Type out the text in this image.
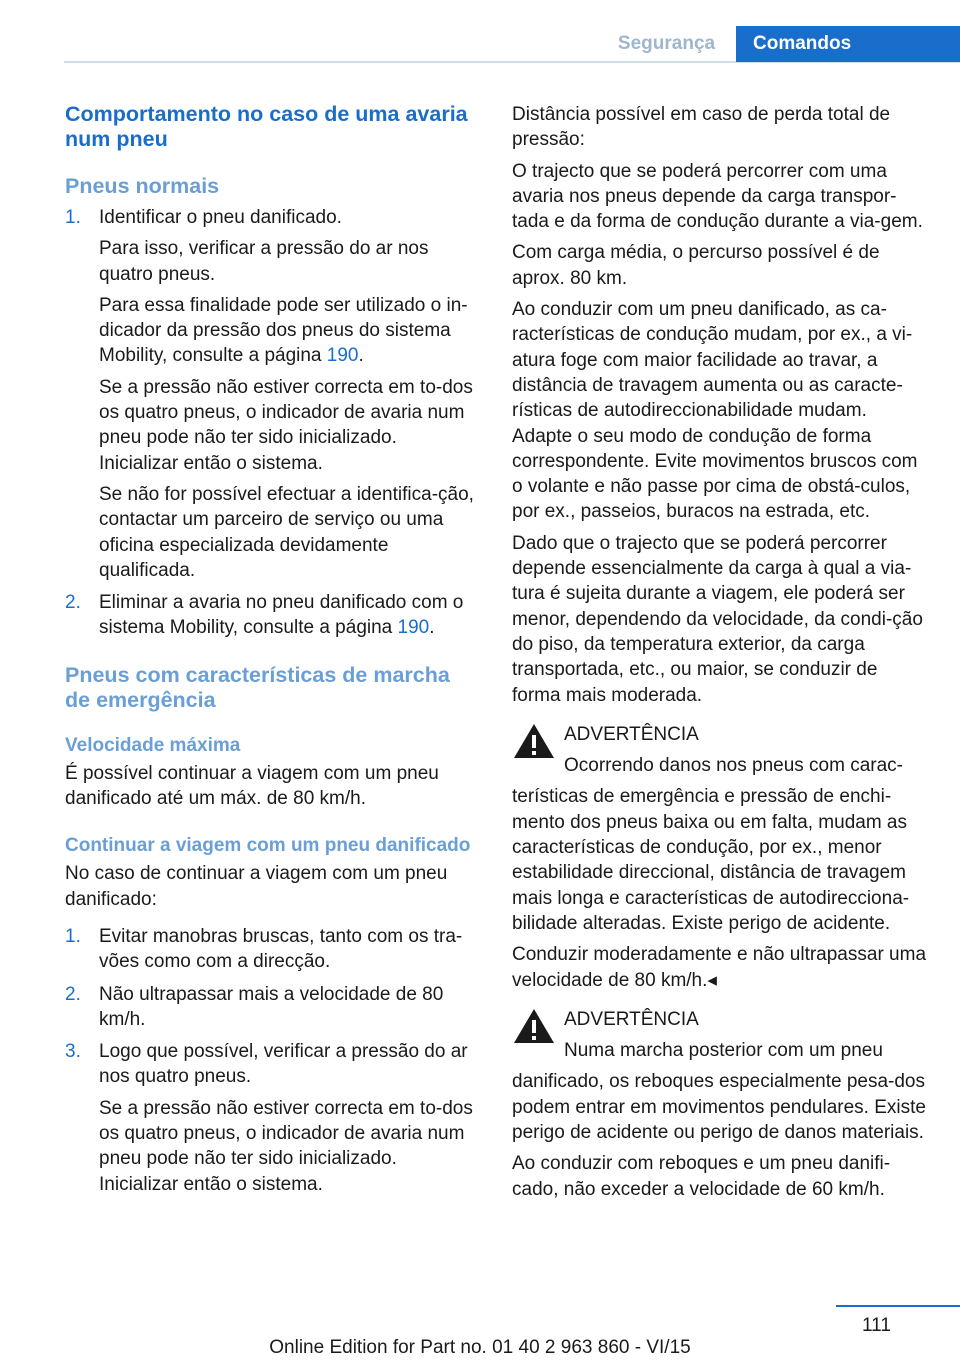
Segurança	Comandos
Comportamento no caso de uma avaria num pneu
Pneus normais
1. Identificar o pneu danificado.

Para isso, verificar a pressão do ar nos quatro pneus.

Para essa finalidade pode ser utilizado o in-dicador da pressão dos pneus do sistema Mobility, consulte a página 190.

Se a pressão não estiver correcta em to-dos os quatro pneus, o indicador de avaria num pneu pode não ter sido inicializado. Inicializar então o sistema.

Se não for possível efectuar a identifica-ção, contactar um parceiro de serviço ou uma oficina especializada devidamente qualificada.

2. Eliminar a avaria no pneu danificado com o sistema Mobility, consulte a página 190.

Pneus com características de marcha de emergência
Velocidade máxima

É possível continuar a viagem com um pneu danificado até um máx. de 80 km/h.

Continuar a viagem com um pneu danificado

No caso de continuar a viagem com um pneu danificado:

1. Evitar manobras bruscas, tanto com os tra-vões como com a direcção.

2. Não ultrapassar mais a velocidade de 80 km/h.

3. Logo que possível, verificar a pressão do ar nos quatro pneus.

Se a pressão não estiver correcta em to-dos os quatro pneus, o indicador de avaria num pneu pode não ter sido inicializado. Inicializar então o sistema.

Distância possível em caso de perda total de pressão:

O trajecto que se poderá percorrer com uma avaria nos pneus depende da carga transpor-tada e da forma de condução durante a via-gem.

Com carga média, o percurso possível é de aprox. 80 km.

Ao conduzir com um pneu danificado, as ca-racterísticas de condução mudam, por ex., a vi-atura foge com maior facilidade ao travar, a distância de travagem aumenta ou as caracte-rísticas de autodireccionabilidade mudam. Adapte o seu modo de condução de forma correspondente. Evite movimentos bruscos com o volante e não passe por cima de obstá-culos, por ex., passeios, buracos na estrada, etc.

Dado que o trajecto que se poderá percorrer depende essencialmente da carga à qual a via-tura é sujeita durante a viagem, ele poderá ser menor, dependendo da velocidade, da condi-ção do piso, da temperatura exterior, da carga transportada, etc., ou maior, se conduzir de forma mais moderada.

ADVERTÊNCIA

Ocorrendo danos nos pneus com carac-

terísticas de emergência e pressão de enchi-mento dos pneus baixa ou em falta, mudam as características de condução, por ex., menor estabilidade direccional, distância de travagem mais longa e características de autodirecciona-bilidade alteradas. Existe perigo de acidente.

Conduzir moderadamente e não ultrapassar uma velocidade de 80 km/h.◂

ADVERTÊNCIA

Numa marcha posterior com um pneu

danificado, os reboques especialmente pesa-dos podem entrar em movimentos pendulares. Existe perigo de acidente ou perigo de danos materiais.

Ao conduzir com reboques e um pneu danifi-cado, não exceder a velocidade de 60 km/h.

111
Online Edition for Part no. 01 40 2 963 860 - VI/15
